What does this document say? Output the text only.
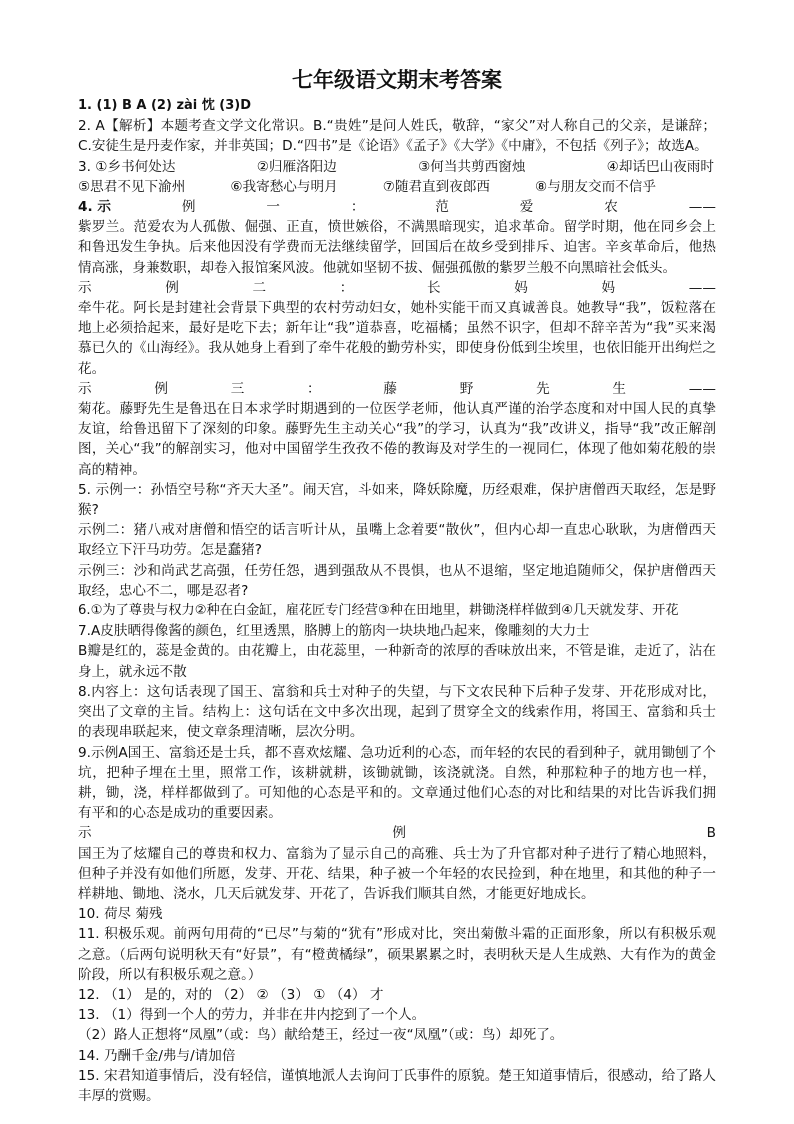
七年级语文期末考答案

1. (1) B A (2) zài 忱 (3)D

2. A【解析】本题考查文学文化常识。B.“贵姓”是问人姓氏，敬辞，“家父”对人称自己的父亲，是谦辞；C.安徒生是丹麦作家，并非英国；D.“四书”是《论语》《孟子》《大学》《中庸》，不包括《列子》；故选A。

3. ①乡书何处达	②归雁洛阳边	③何当共剪西窗烛	④却话巴山夜雨时
⑤思君不见下渝州	⑥我寄愁心与明月	⑦随君直到夜郎西	⑧与朋友交而不信乎
4. 示	例	一	：	范	爱	农	——

紫罗兰。范爱农为人孤傲、倔强、正直，愤世嫉俗，不满黑暗现实，追求革命。留学时期，他在同乡会上和鲁迅发生争执。后来他因没有学费而无法继续留学，回国后在故乡受到排斥、迫害。辛亥革命后，他热情高涨，身兼数职，却卷入报馆案风波。他就如坚韧不拔、倔强孤傲的紫罗兰般不向黑暗社会低头。

示	例	二	：	长	妈	妈	——

牵牛花。阿长是封建社会背景下典型的农村劳动妇女，她朴实能干而又真诚善良。她教导“我”，饭粒落在地上必须拾起来，最好是吃下去；新年让“我”道恭喜，吃福橘；虽然不识字，但却不辞辛苦为“我”买来渴慕已久的《山海经》。我从她身上看到了牵牛花般的勤劳朴实，即使身份低到尘埃里，也依旧能开出绚烂之花。

示	例	三	：	藤	野	先	生	——

菊花。藤野先生是鲁迅在日本求学时期遇到的一位医学老师，他认真严谨的治学态度和对中国人民的真挚友谊，给鲁迅留下了深刻的印象。藤野先生主动关心“我”的学习，认真为“我”改讲义，指导“我”改正解剖图，关心“我”的解剖实习，他对中国留学生孜孜不倦的教诲及对学生的一视同仁，体现了他如菊花般的崇高的精神。

5. 示例一：孙悟空号称“齐天大圣”。闹天宫，斗如来，降妖除魔，历经艰难，保护唐僧西天取经，怎是野猴?

示例二：猪八戒对唐僧和悟空的话言听计从，虽嘴上念着要“散伙”，但内心却一直忠心耿耿，为唐僧西天取经立下汗马功劳。怎是蠢猪?

示例三：沙和尚武艺高强，任劳任怨，遇到强敌从不畏惧，也从不退缩，坚定地追随师父，保护唐僧西天取经，忠心不二，哪是忍者?

6.①为了尊贵与权力②种在白金缸，雇花匠专门经营③种在田地里，耕锄浇样样做到④几天就发芽、开花

7.A皮肤晒得像酱的颜色，红里透黑，胳膊上的筋肉一块块地凸起来，像雕刻的大力士

B瓣是红的，蕊是金黄的。由花瓣上，由花蕊里，一种新奇的浓厚的香味放出来，不管是谁，走近了，沾在身上，就永远不散

8.内容上：这句话表现了国王、富翁和兵士对种子的失望，与下文农民种下后种子发芽、开花形成对比，突出了文章的主旨。结构上：这句话在文中多次出现，起到了贯穿全文的线索作用，将国王、富翁和兵士的表现串联起来，使文章条理清晰，层次分明。

9.示例A国王、富翁还是士兵，都不喜欢炫耀、急功近利的心态，而年轻的农民的看到种子，就用锄刨了个坑，把种子埋在土里，照常工作，该耕就耕，该锄就锄，该浇就浇。自然，种那粒种子的地方也一样，耕，锄，浇，样样都做到了。可知他的心态是平和的。文章通过他们心态的对比和结果的对比告诉我们拥有平和的心态是成功的重要因素。

示	例	B

国王为了炫耀自己的尊贵和权力、富翁为了显示自己的高雅、兵士为了升官都对种子进行了精心地照料，但种子并没有如他们所愿，发芽、开花、结果，种子被一个年轻的农民捡到，种在地里，和其他的种子一样耕地、锄地、浇水，几天后就发芽、开花了，告诉我们顺其自然，才能更好地成长。

10. 荷尽 菊残

11. 积极乐观。前两句用荷的“已尽”与菊的“犹有”形成对比，突出菊傲斗霜的正面形象，所以有积极乐观之意。（后两句说明秋天有“好景”，有“橙黄橘绿”，硕果累累之时，表明秋天是人生成熟、大有作为的黄金阶段，所以有积极乐观之意。）

12. （1） 是的，对的 （2） ② （3） ① （4） 才

13. （1）得到一个人的劳力，并非在井内挖到了一个人。

（2）路人正想将“凤凰”（或：鸟）献给楚王，经过一夜“凤凰”（或：鸟）却死了。

14. 乃酬千金/弗与/请加倍

15. 宋君知道事情后，没有轻信，谨慎地派人去询问丁氏事件的原貌。楚王知道事情后，很感动，给了路人丰厚的赏赐。
